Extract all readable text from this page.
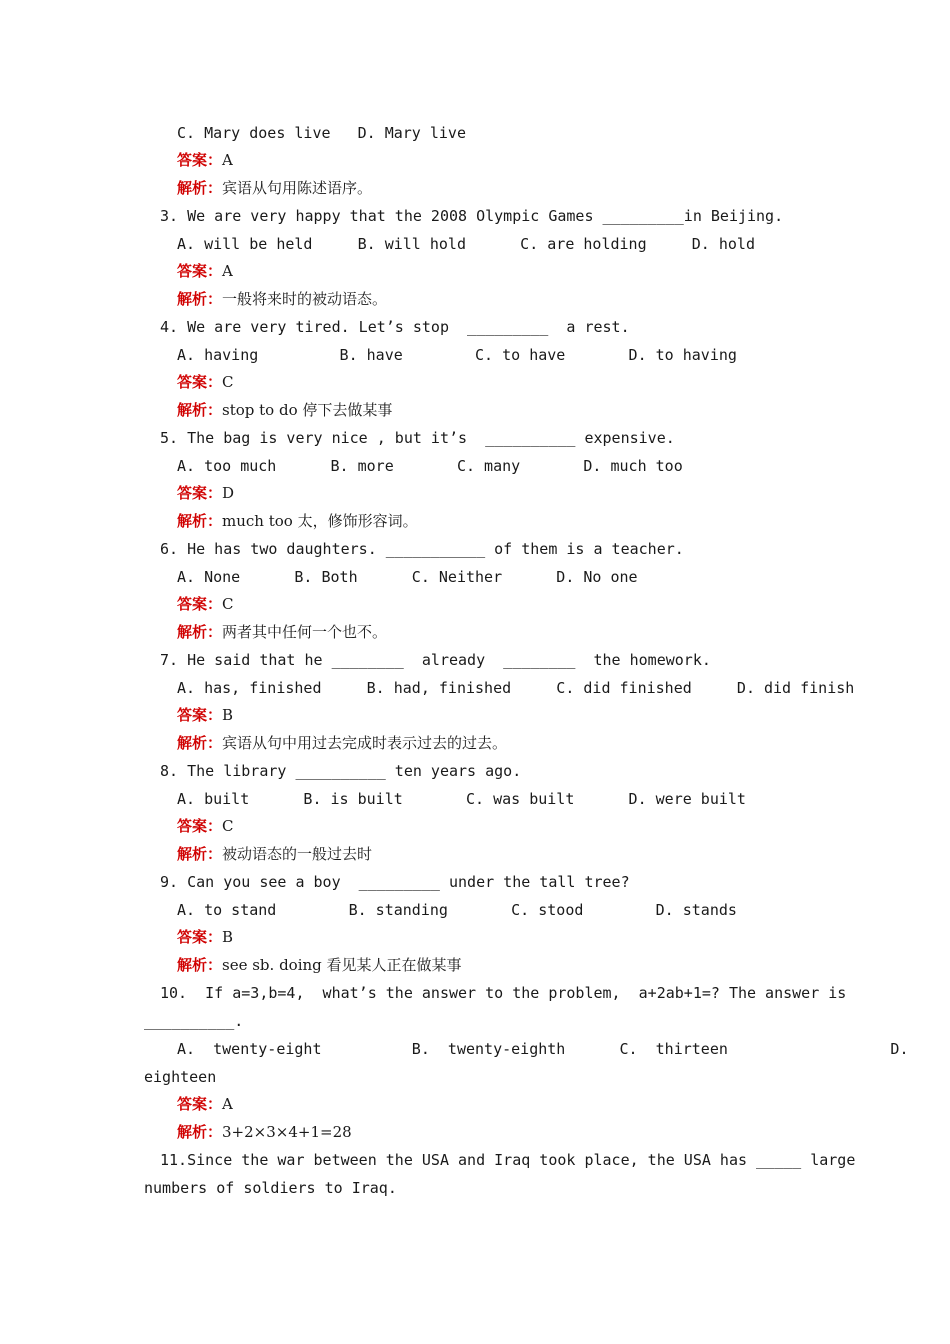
C. Mary does live   D. Mary live
答案：A
解析：宾语从句用陈述语序。
3. We are very happy that the 2008 Olympic Games _________in Beijing.
A. will be held     B. will hold      C. are holding     D. hold
答案：A
解析：一般将来时的被动语态。
4. We are very tired. Let’s stop  _________  a rest.
A. having         B. have        C. to have       D. to having
答案：C
解析：stop to do 停下去做某事
5. The bag is very nice , but it’s  __________ expensive.
A. too much      B. more       C. many       D. much too
答案：D
解析：much too 太，修饰形容词。
6. He has two daughters. ___________ of them is a teacher.
A. None      B. Both      C. Neither      D. No one
答案：C
解析：两者其中任何一个也不。
7. He said that he ________  already  ________  the homework.
A. has, finished     B. had, finished     C. did finished     D. did finish
答案：B
解析：宾语从句中用过去完成时表示过去的过去。
8. The library __________ ten years ago.
A. built      B. is built       C. was built      D. were built
答案：C
解析：被动语态的一般过去时
9. Can you see a boy  _________ under the tall tree?
A. to stand        B. standing       C. stood        D. stands
答案：B
解析：see sb. doing 看见某人正在做某事
10.  If a=3,b=4,  what’s the answer to the problem,  a+2ab+1=? The answer is
__________.
A.  twenty-eight          B.  twenty-eighth      C.  thirteen                  D.
eighteen
答案：A
解析：3+2×3×4+1=28
11.Since the war between the USA and Iraq took place, the USA has _____ large
numbers of soldiers to Iraq.
